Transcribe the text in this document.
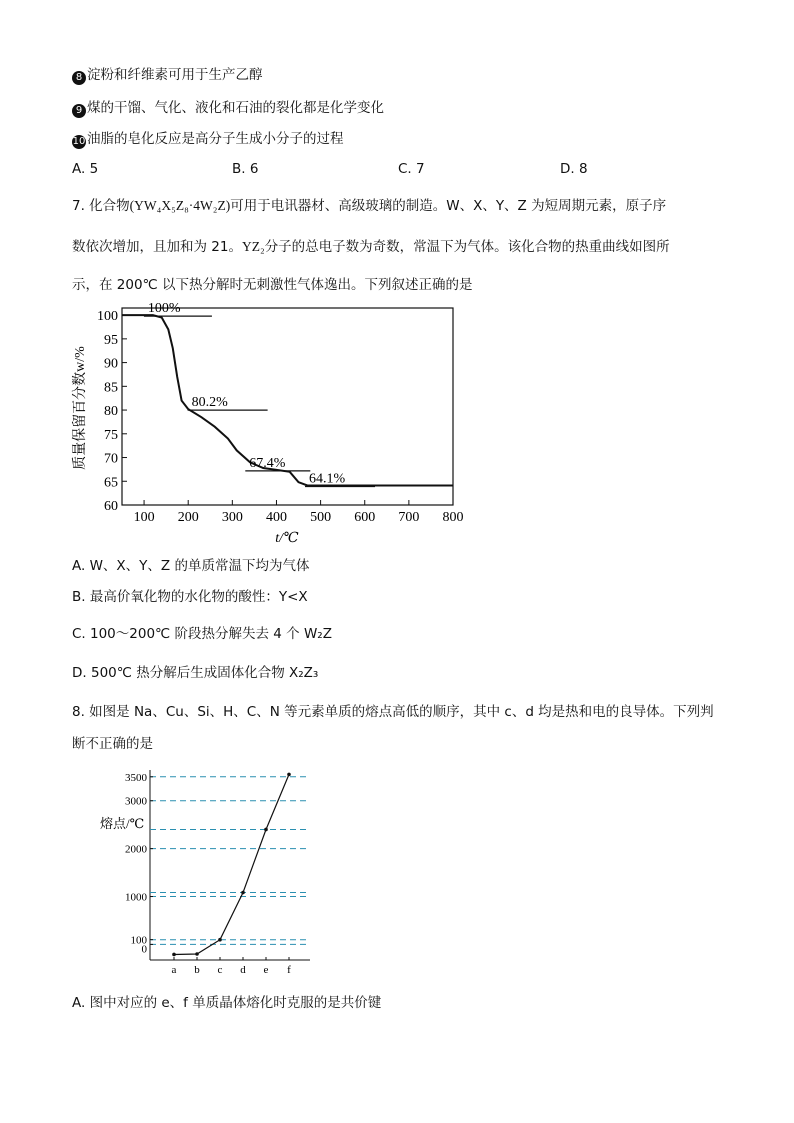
8 淀粉和纤维素可用于生产乙醇
9 煤的干馏、气化、液化和石油的裂化都是化学变化
10 油脂的皂化反应是高分子生成小分子的过程
A. 5	B. 6	C. 7	D. 8
7. 化合物(YW₄X₅Z₈·4W₂Z)可用于电讯器材、高级玻璃的制造。W、X、Y、Z 为短周期元素，原子序
数依次增加，且加和为 21。YZ₂分子的总电子数为奇数，常温下为气体。该化合物的热重曲线如图所
示，在 200℃ 以下热分解时无刺激性气体逸出。下列叙述正确的是
60
65
70
75
80
85
90
95
100
100 200 300 400 500 600 700 800
100%
80.2%
67.4%
64.1%
质量保留百分数w/%
t/℃
A. W、X、Y、Z 的单质常温下均为气体
B. 最高价氧化物的水化物的酸性：Y<X
C. 100～200℃ 阶段热分解失去 4 个 W₂Z
D. 500℃ 热分解后生成固体化合物 X₂Z₃
8. 如图是 Na、Cu、Si、H、C、N 等元素单质的熔点高低的顺序，其中 c、d 均是热和电的良导体。下列判
断不正确的是
3500
3000
2000
1000
100
0
a b c d e f
熔点/℃
A. 图中对应的 e、f 单质晶体熔化时克服的是共价键
